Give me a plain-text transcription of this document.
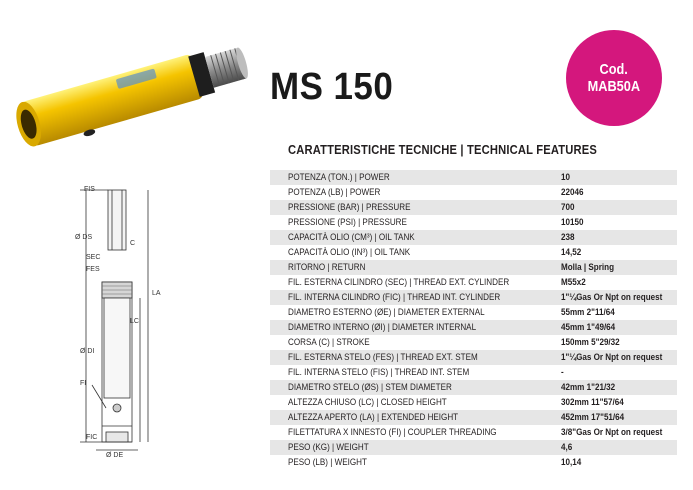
MS 150	Cod.
MAB50A
CARATTERISTICHE TECNICHE | TECHNICAL FEATURES
POTENZA (TON.) | POWER	10
POTENZA (LB) | POWER	22046
PRESSIONE (BAR) | PRESSURE	700
PRESSIONE (PSI) | PRESSURE	10150
CAPACITÀ OLIO (CM³) | OIL TANK	238
CAPACITÀ OLIO (IN³) | OIL TANK	14,52
RITORNO | RETURN	Molla | Spring
FIL. ESTERNA CILINDRO (SEC) | THREAD EXT. CYLINDER	M55x2
FIL. INTERNA CILINDRO (FIC) | THREAD INT. CYLINDER	1"¼Gas Or Npt on request
DIAMETRO ESTERNO (ØE) | DIAMETER EXTERNAL	55mm 2"11/64
DIAMETRO INTERNO (ØI) | DIAMETER INTERNAL	45mm 1"49/64
CORSA (C) | STROKE	150mm 5"29/32
FIL. ESTERNA STELO (FES) | THREAD EXT. STEM	1"¼Gas Or Npt on request
FIL. INTERNA STELO (FIS) | THREAD INT. STEM	-
DIAMETRO STELO (ØS) | STEM DIAMETER	42mm 1"21/32
ALTEZZA CHIUSO (LC) | CLOSED HEIGHT	302mm 11"57/64
ALTEZZA APERTO (LA) | EXTENDED HEIGHT	452mm 17"51/64
FILETTATURA X INNESTO (FI) | COUPLER THREADING	3/8"Gas Or Npt on request
PESO (KG) | WEIGHT	4,6
PESO (LB) | WEIGHT	10,14
FIS
Ø DS
C
SEC
FES
LA
LC
Ø DI
FI
FIC
Ø DE
